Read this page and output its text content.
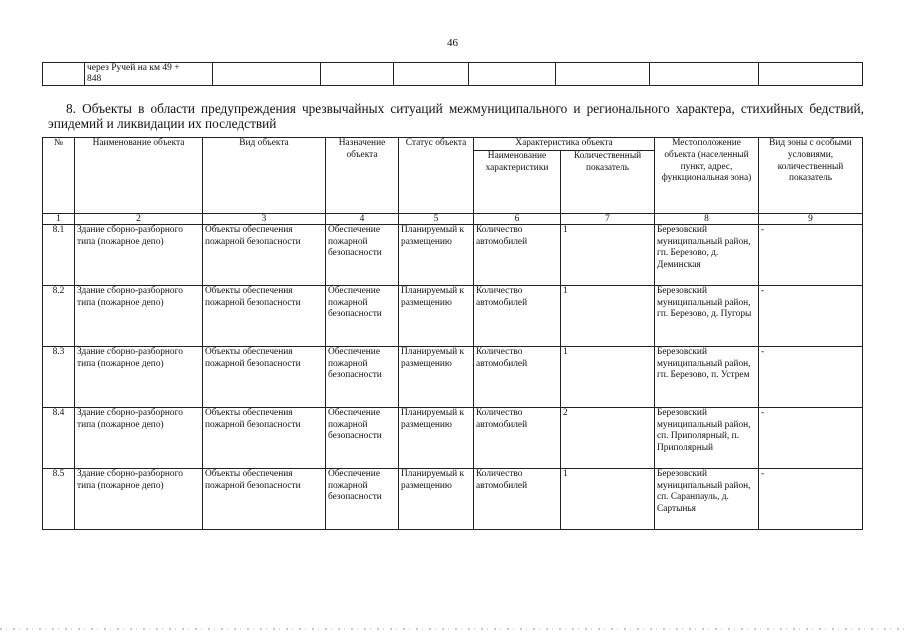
46

через Ручей на км 49 +
848

8. Объекты в области предупреждения чрезвычайных ситуаций межмуниципального и регионального характера, стихийных бедствий, эпидемий и ликвидации их последствий

№	Наименование объекта	Вид объекта	Назначение объекта	Статус объекта	Характеристика объекта		Местоположение объекта (населенный пункт, адрес, функциональная зона)	Вид зоны с особыми условиями, количественный показатель
					Наименование характеристики	Количественный показатель		
1	2	3	4	5	6	7	8	9
8.1	Здание сборно-разборного типа (пожарное депо)	Объекты обеспечения пожарной безопасности	Обеспечение пожарной безопасности	Планируемый к размещению	Количество автомобилей	1	Березовский муниципальный район, гп. Березово, д. Деминская	-
8.2	Здание сборно-разборного типа (пожарное депо)	Объекты обеспечения пожарной безопасности	Обеспечение пожарной безопасности	Планируемый к размещению	Количество автомобилей	1	Березовский муниципальный район, гп. Березово, д. Пугоры	-
8.3	Здание сборно-разборного типа (пожарное депо)	Объекты обеспечения пожарной безопасности	Обеспечение пожарной безопасности	Планируемый к размещению	Количество автомобилей	1	Березовский муниципальный район, гп. Березово, п. Устрем	-
8.4	Здание сборно-разборного типа (пожарное депо)	Объекты обеспечения пожарной безопасности	Обеспечение пожарной безопасности	Планируемый к размещению	Количество автомобилей	2	Березовский муниципальный район, сп. Приполярный, п. Приполярный	-
8.5	Здание сборно-разборного типа (пожарное депо)	Объекты обеспечения пожарной безопасности	Обеспечение пожарной безопасности	Планируемый к размещению	Количество автомобилей	1	Березовский муниципальный район, сп. Саранпауль, д. Сартынья	-
